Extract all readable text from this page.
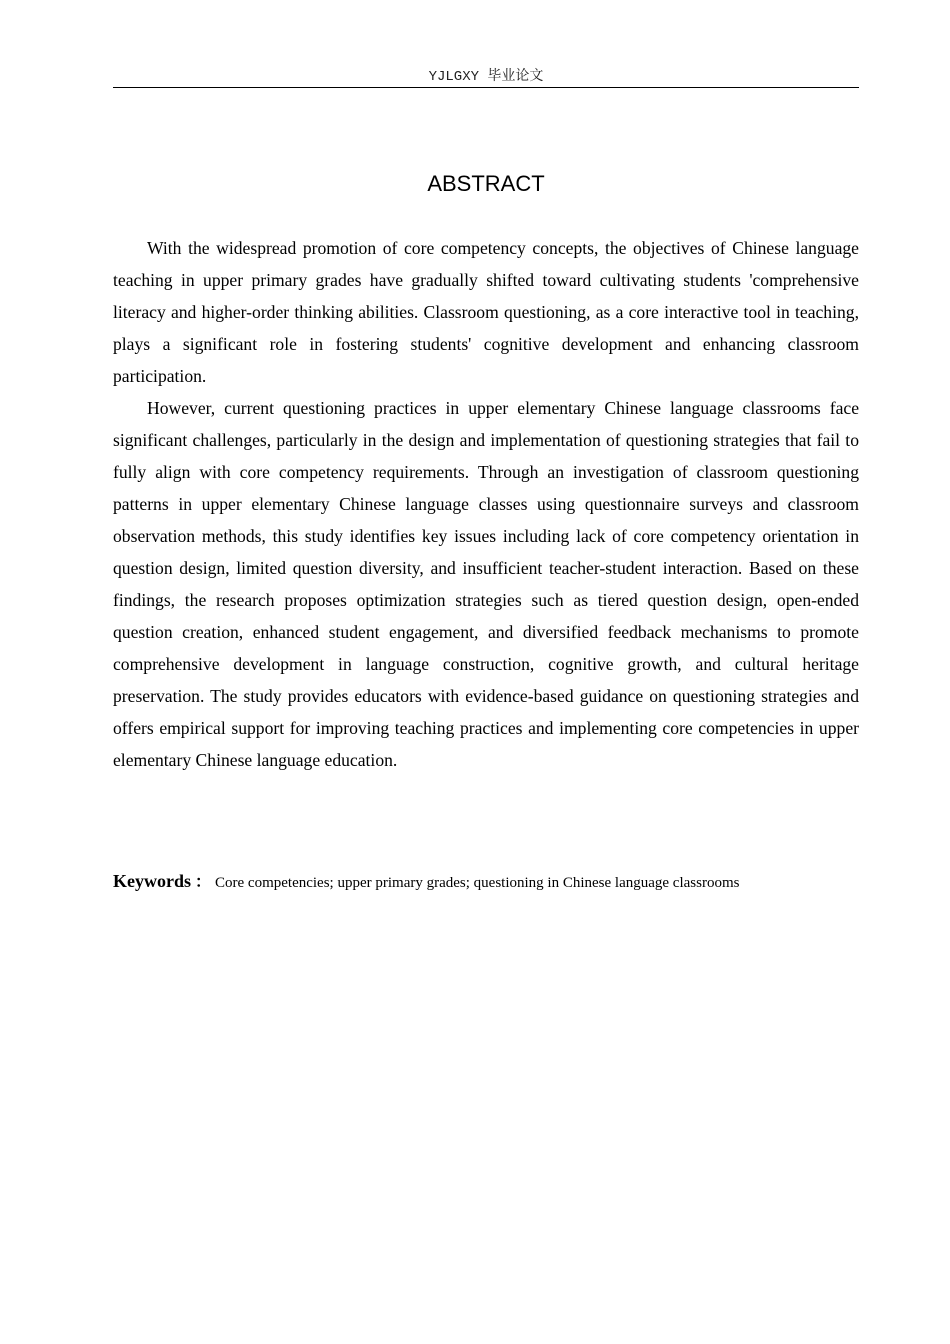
YJLGXY 毕业论文
ABSTRACT

With the widespread promotion of core competency concepts, the objectives of Chinese language teaching in upper primary grades have gradually shifted toward cultivating students 'comprehensive literacy and higher-order thinking abilities. Classroom questioning, as a core interactive tool in teaching, plays a significant role in fostering students' cognitive development and enhancing classroom participation.

However, current questioning practices in upper elementary Chinese language classrooms face significant challenges, particularly in the design and implementation of questioning strategies that fail to fully align with core competency requirements. Through an investigation of classroom questioning patterns in upper elementary Chinese language classes using questionnaire surveys and classroom observation methods, this study identifies key issues including lack of core competency orientation in question design, limited question diversity, and insufficient teacher-student interaction. Based on these findings, the research proposes optimization strategies such as tiered question design, open-ended question creation, enhanced student engagement, and diversified feedback mechanisms to promote comprehensive development in language construction, cognitive growth, and cultural heritage preservation. The study provides educators with evidence-based guidance on questioning strategies and offers empirical support for improving teaching practices and implementing core competencies in upper elementary Chinese language education.

Keywords ： Core competencies; upper primary grades; questioning in Chinese language classrooms
